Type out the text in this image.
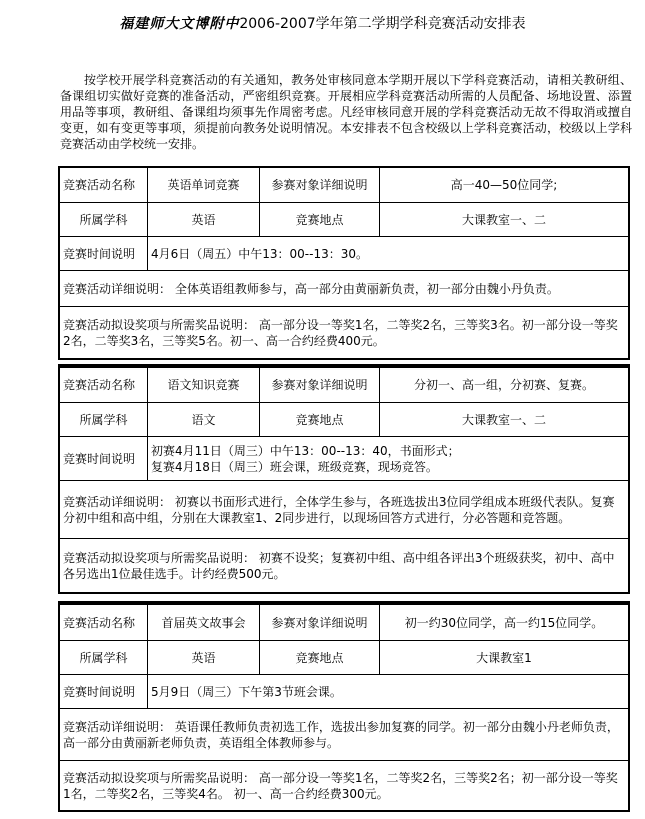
福建师大文博附中2006-2007学年第二学期学科竞赛活动安排表
按学校开展学科竞赛活动的有关通知，教务处审核同意本学期开展以下学科竞赛活动，请相关教研组、备课组切实做好竞赛的准备活动，严密组织竞赛。开展相应学科竞赛活动所需的人员配备、场地设置、添置用品等事项，教研组、备课组均须事先作周密考虑。凡经审核同意开展的学科竞赛活动无故不得取消或擅自变更，如有变更等事项，须提前向教务处说明情况。本安排表不包含校级以上学科竞赛活动，校级以上学科竞赛活动由学校统一安排。
竞赛活动名称	英语单词竞赛	参赛对象详细说明	高一40—50位同学;
所属学科	英语	竞赛地点	大课教室一、二
竞赛时间说明	4月6日（周五）中午13：00--13：30。		
竞赛活动详细说明： 全体英语组教师参与，高一部分由黄丽新负责，初一部分由魏小丹负责。			
竞赛活动拟设奖项与所需奖品说明： 高一部分设一等奖1名，二等奖2名，三等奖3名。初一部分设一等奖2名，二等奖3名，三等奖5名。初一、高一合约经费400元。			
竞赛活动名称	语文知识竞赛	参赛对象详细说明	分初一、高一组，分初赛、复赛。
所属学科	语文	竞赛地点	大课教室一、二
竞赛时间说明	初赛4月11日（周三）中午13：00--13：40，书面形式；
复赛4月18日（周三）班会课，班级竞赛，现场竞答。		
竞赛活动详细说明： 初赛以书面形式进行，全体学生参与，各班选拔出3位同学组成本班级代表队。复赛分初中组和高中组，分别在大课教室1、2同步进行，以现场回答方式进行，分必答题和竞答题。			
竞赛活动拟设奖项与所需奖品说明： 初赛不设奖；复赛初中组、高中组各评出3个班级获奖，初中、高中各另选出1位最佳选手。计约经费500元。			
竞赛活动名称	首届英文故事会	参赛对象详细说明	初一约30位同学，高一约15位同学。
所属学科	英语	竞赛地点	大课教室1
竞赛时间说明	5月9日（周三）下午第3节班会课。		
竞赛活动详细说明： 英语课任教师负责初选工作，选拔出参加复赛的同学。初一部分由魏小丹老师负责，高一部分由黄丽新老师负责，英语组全体教师参与。			
竞赛活动拟设奖项与所需奖品说明： 高一部分设一等奖1名，二等奖2名，三等奖2名；初一部分设一等奖1名，二等奖2名，三等奖4名。 初一、高一合约经费300元。			
